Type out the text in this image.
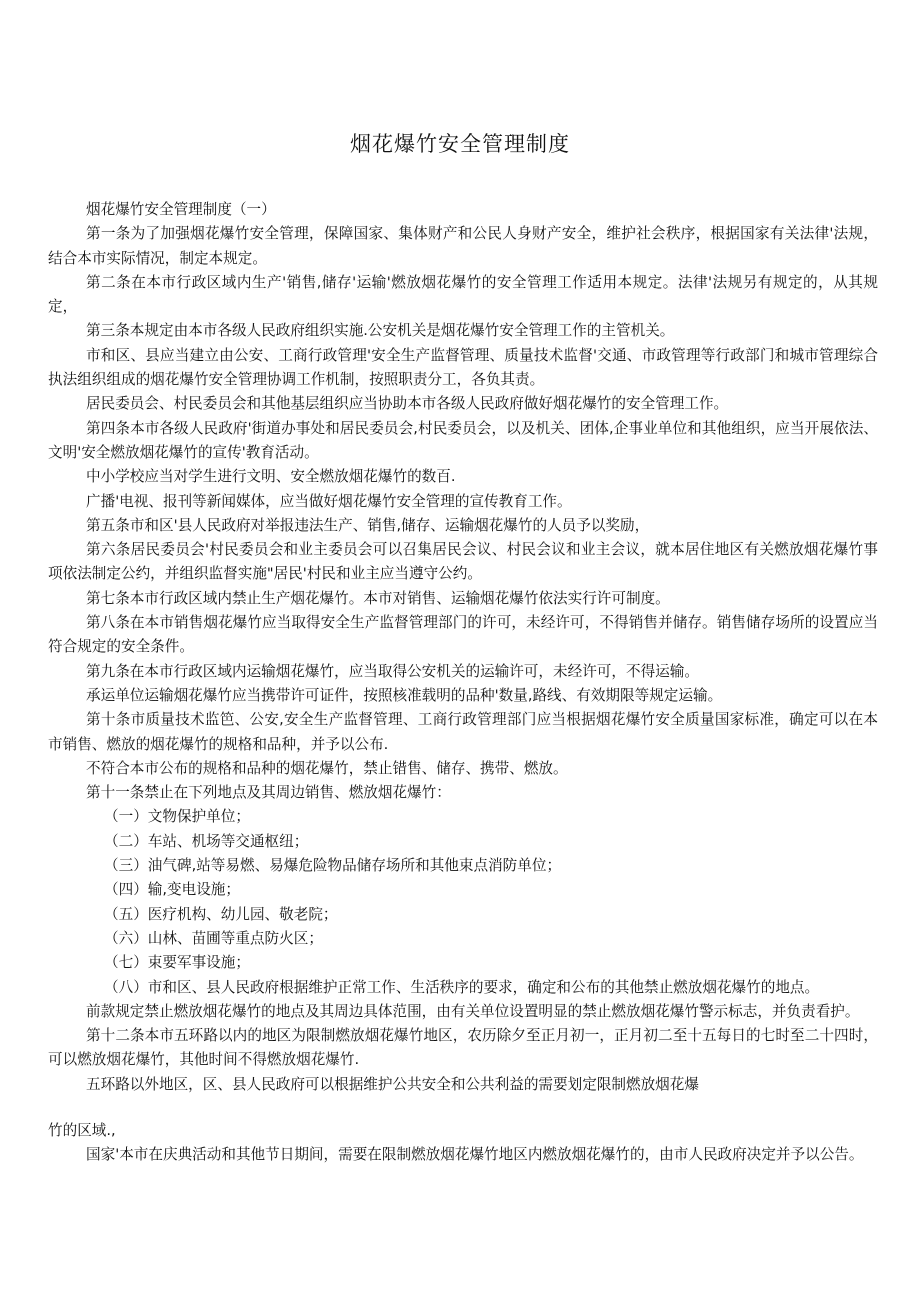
烟花爆竹安全管理制度

烟花爆竹安全管理制度（一）

第一条为了加强烟花爆竹安全管理，保障国家、集体财产和公民人身财产安全，维护社会秩序，根据国家有关法律'法规，结合本市实际情况，制定本规定。

第二条在本市行政区域内生产'销售,储存'运输'燃放烟花爆竹的安全管理工作适用本规定。法律'法规另有规定的，从其规定，

第三条本规定由本市各级人民政府组织实施.公安机关是烟花爆竹安全管理工作的主管机关。

市和区、县应当建立由公安、工商行政管理'安全生产监督管理、质量技术监督'交通、市政管理等行政部门和城市管理综合执法组织组成的烟花爆竹安全管理协调工作机制，按照职责分工，各负其责。

居民委员会、村民委员会和其他基层组织应当协助本市各级人民政府做好烟花爆竹的安全管理工作。

第四条本市各级人民政府'街道办事处和居民委员会,村民委员会，以及机关、团体,企事业单位和其他组织，应当开展依法、文明'安全燃放烟花爆竹的宣传'教育活动。

中小学校应当对学生进行文明、安全燃放烟花爆竹的数百.

广播'电视、报刊等新闻媒体，应当做好烟花爆竹安全管理的宣传教育工作。

第五条市和区'县人民政府对举报违法生产、销售,储存、运输烟花爆竹的人员予以奖励，

第六条居民委员会'村民委员会和业主委员会可以召集居民会议、村民会议和业主会议，就本居住地区有关燃放烟花爆竹事项依法制定公约，并组织监督实施"居民'村民和业主应当遵守公约。

第七条本市行政区域内禁止生产烟花爆竹。本市对销售、运输烟花爆竹依法实行许可制度。

第八条在本市销售烟花爆竹应当取得安全生产监督管理部门的许可，未经许可，不得销售并储存。销售储存场所的设置应当符合规定的安全条件。

第九条在本市行政区域内运输烟花爆竹，应当取得公安机关的运输许可，未经许可，不得运输。

承运单位运输烟花爆竹应当携带许可证件，按照核准载明的品种'数量,路线、有效期限等规定运输。

第十条市质量技术监笆、公安,安全生产监督管理、工商行政管理部门应当根据烟花爆竹安全质量国家标准，确定可以在本市销售、燃放的烟花爆竹的规格和品种，并予以公布.

不符合本市公布的规格和品种的烟花爆竹，禁止错售、储存、携带、燃放。

第十一条禁止在下列地点及其周边销售、燃放烟花爆竹：

（一）文物保护单位；

（二）车站、机场等交通枢纽；

（三）油气碑,站等易燃、易爆危险物品储存场所和其他束点消防单位；

（四）输,变电设施；

（五）医疗机构、幼儿园、敬老院；

（六）山林、苗圃等重点防火区；

（七）束要军事设施；

（八）市和区、县人民政府根据维护正常工作、生活秩序的要求，确定和公布的其他禁止燃放烟花爆竹的地点。

前款规定禁止燃放烟花爆竹的地点及其周边具体范围，由有关单位设置明显的禁止燃放烟花爆竹警示标志，并负责看护。

第十二条本市五环路以内的地区为限制燃放烟花爆竹地区，农历除夕至正月初一，正月初二至十五每日的七时至二十四时，可以燃放烟花爆竹，其他时间不得燃放烟花爆竹.

五环路以外地区，区、县人民政府可以根据维护公共安全和公共利益的需要划定限制燃放烟花爆

竹的区域.,

国家'本市在庆典活动和其他节日期间，需要在限制燃放烟花爆竹地区内燃放烟花爆竹的，由市人民政府决定并予以公告。
